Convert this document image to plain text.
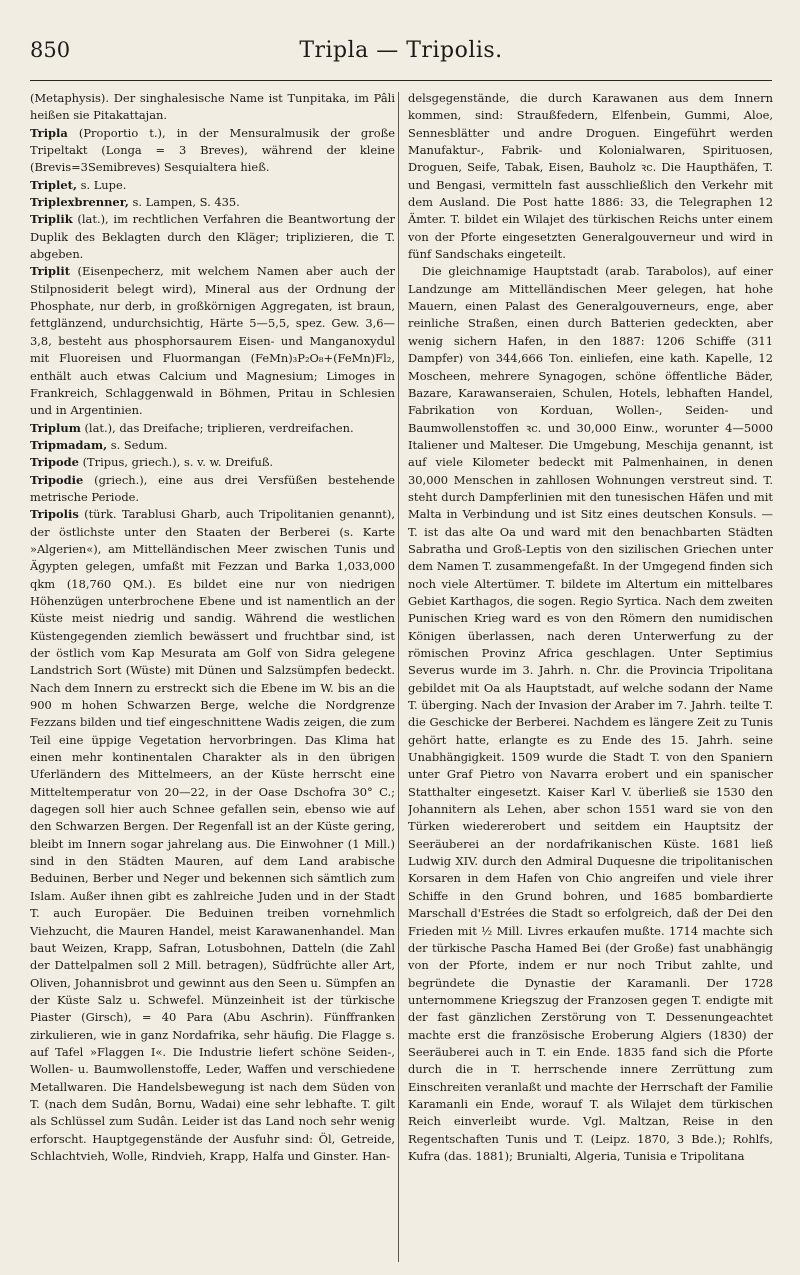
850	Tripla — Tripolis.

(Metaphysis). Der singhalesische Name ist Tunpitaka, im Pâli heißen sie Pitakattajan.

Tripla (Proportio t.), in der Mensuralmusik der große Tripeltakt (Longa = 3 Breves), während der kleine (Brevis=3Semibreves) Sesquialtera hieß.

Triplet, s. Lupe.

Triplexbrenner, s. Lampen, S. 435.

Triplik (lat.), im rechtlichen Verfahren die Beantwortung der Duplik des Beklagten durch den Kläger; triplizieren, die T. abgeben.

Triplit (Eisenpecherz, mit welchem Namen aber auch der Stilpnosiderit belegt wird), Mineral aus der Ordnung der Phosphate, nur derb, in großkörnigen Aggregaten, ist braun, fettglänzend, undurchsichtig, Härte 5—5,5, spez. Gew. 3,6—3,8, besteht aus phosphorsaurem Eisen- und Manganoxydul mit Fluoreisen und Fluormangan (FeMn)₃P₂O₈+(FeMn)Fl₂, enthält auch etwas Calcium und Magnesium; Limoges in Frankreich, Schlaggenwald in Böhmen, Pritau in Schlesien und in Argentinien.

Triplum (lat.), das Dreifache; triplieren, verdreifachen.

Tripmadam, s. Sedum.

Tripode (Tripus, griech.), s. v. w. Dreifuß.

Tripodie (griech.), eine aus drei Versfüßen bestehende metrische Periode.

Tripolis (türk. Tarablusi Gharb, auch Tripolitanien genannt), der östlichste unter den Staaten der Berberei (s. Karte »Algerien«), am Mittelländischen Meer zwischen Tunis und Ägypten gelegen, umfaßt mit Fezzan und Barka 1,033,000 qkm (18,760 QM.). Es bildet eine nur von niedrigen Höhenzügen unterbrochene Ebene und ist namentlich an der Küste meist niedrig und sandig. Während die westlichen Küstengegenden ziemlich bewässert und fruchtbar sind, ist der östlich vom Kap Mesurata am Golf von Sidra gelegene Landstrich Sort (Wüste) mit Dünen und Salzsümpfen bedeckt. Nach dem Innern zu erstreckt sich die Ebene im W. bis an die 900 m hohen Schwarzen Berge, welche die Nordgrenze Fezzans bilden und tief eingeschnittene Wadis zeigen, die zum Teil eine üppige Vegetation hervorbringen. Das Klima hat einen mehr kontinentalen Charakter als in den übrigen Uferländern des Mittelmeers, an der Küste herrscht eine Mitteltemperatur von 20—22, in der Oase Dschofra 30° C.; dagegen soll hier auch Schnee gefallen sein, ebenso wie auf den Schwarzen Bergen. Der Regenfall ist an der Küste gering, bleibt im Innern sogar jahrelang aus. Die Einwohner (1 Mill.) sind in den Städten Mauren, auf dem Land arabische Beduinen, Berber und Neger und bekennen sich sämtlich zum Islam. Außer ihnen gibt es zahlreiche Juden und in der Stadt T. auch Europäer. Die Beduinen treiben vornehmlich Viehzucht, die Mauren Handel, meist Karawanenhandel. Man baut Weizen, Krapp, Safran, Lotusbohnen, Datteln (die Zahl der Dattelpalmen soll 2 Mill. betragen), Südfrüchte aller Art, Oliven, Johannisbrot und gewinnt aus den Seen u. Sümpfen an der Küste Salz u. Schwefel. Münzeinheit ist der türkische Piaster (Girsch), = 40 Para (Abu Aschrin). Fünffranken zirkulieren, wie in ganz Nordafrika, sehr häufig. Die Flagge s. auf Tafel »Flaggen I«. Die Industrie liefert schöne Seiden-, Wollen- u. Baumwollenstoffe, Leder, Waffen und verschiedene Metallwaren. Die Handelsbewegung ist nach dem Süden von T. (nach dem Sudân, Bornu, Wadai) eine sehr lebhafte. T. gilt als Schlüssel zum Sudân. Leider ist das Land noch sehr wenig erforscht. Hauptgegenstände der Ausfuhr sind: Öl, Getreide, Schlachtvieh, Wolle, Rindvieh, Krapp, Halfa und Ginster. Han-

delsgegenstände, die durch Karawanen aus dem Innern kommen, sind: Straußfedern, Elfenbein, Gummi, Aloe, Sennesblätter und andre Droguen. Eingeführt werden Manufaktur-, Fabrik- und Kolonialwaren, Spirituosen, Droguen, Seife, Tabak, Eisen, Bauholz ꝛc. Die Haupthäfen, T. und Bengasi, vermitteln fast ausschließlich den Verkehr mit dem Ausland. Die Post hatte 1886: 33, die Telegraphen 12 Ämter. T. bildet ein Wilajet des türkischen Reichs unter einem von der Pforte eingesetzten Generalgouverneur und wird in fünf Sandschaks eingeteilt.

Die gleichnamige Hauptstadt (arab. Tarabolos), auf einer Landzunge am Mittelländischen Meer gelegen, hat hohe Mauern, einen Palast des Generalgouverneurs, enge, aber reinliche Straßen, einen durch Batterien gedeckten, aber wenig sichern Hafen, in den 1887: 1206 Schiffe (311 Dampfer) von 344,666 Ton. einliefen, eine kath. Kapelle, 12 Moscheen, mehrere Synagogen, schöne öffentliche Bäder, Bazare, Karawanseraien, Schulen, Hotels, lebhaften Handel, Fabrikation von Korduan, Wollen-, Seiden- und Baumwollenstoffen ꝛc. und 30,000 Einw., worunter 4—5000 Italiener und Malteser. Die Umgebung, Meschija genannt, ist auf viele Kilometer bedeckt mit Palmenhainen, in denen 30,000 Menschen in zahllosen Wohnungen verstreut sind. T. steht durch Dampferlinien mit den tunesischen Häfen und mit Malta in Verbindung und ist Sitz eines deutschen Konsuls. — T. ist das alte Oa und ward mit den benachbarten Städten Sabratha und Groß-Leptis von den sizilischen Griechen unter dem Namen T. zusammengefaßt. In der Umgegend finden sich noch viele Altertümer. T. bildete im Altertum ein mittelbares Gebiet Karthagos, die sogen. Regio Syrtica. Nach dem zweiten Punischen Krieg ward es von den Römern den numidischen Königen überlassen, nach deren Unterwerfung zu der römischen Provinz Africa geschlagen. Unter Septimius Severus wurde im 3. Jahrh. n. Chr. die Provincia Tripolitana gebildet mit Oa als Hauptstadt, auf welche sodann der Name T. überging. Nach der Invasion der Araber im 7. Jahrh. teilte T. die Geschicke der Berberei. Nachdem es längere Zeit zu Tunis gehört hatte, erlangte es zu Ende des 15. Jahrh. seine Unabhängigkeit. 1509 wurde die Stadt T. von den Spaniern unter Graf Pietro von Navarra erobert und ein spanischer Statthalter eingesetzt. Kaiser Karl V. überließ sie 1530 den Johannitern als Lehen, aber schon 1551 ward sie von den Türken wiedererobert und seitdem ein Hauptsitz der Seeräuberei an der nordafrikanischen Küste. 1681 ließ Ludwig XIV. durch den Admiral Duquesne die tripolitanischen Korsaren in dem Hafen von Chio angreifen und viele ihrer Schiffe in den Grund bohren, und 1685 bombardierte Marschall d'Estrées die Stadt so erfolgreich, daß der Dei den Frieden mit ½ Mill. Livres erkaufen mußte. 1714 machte sich der türkische Pascha Hamed Bei (der Große) fast unabhängig von der Pforte, indem er nur noch Tribut zahlte, und begründete die Dynastie der Karamanli. Der 1728 unternommene Kriegszug der Franzosen gegen T. endigte mit der fast gänzlichen Zerstörung von T. Dessenungeachtet machte erst die französische Eroberung Algiers (1830) der Seeräuberei auch in T. ein Ende. 1835 fand sich die Pforte durch die in T. herrschende innere Zerrüttung zum Einschreiten veranlaßt und machte der Herrschaft der Familie Karamanli ein Ende, worauf T. als Wilajet dem türkischen Reich einverleibt wurde. Vgl. Maltzan, Reise in den Regentschaften Tunis und T. (Leipz. 1870, 3 Bde.); Rohlfs, Kufra (das. 1881); Brunialti, Algeria, Tunisia e Tripolitana
